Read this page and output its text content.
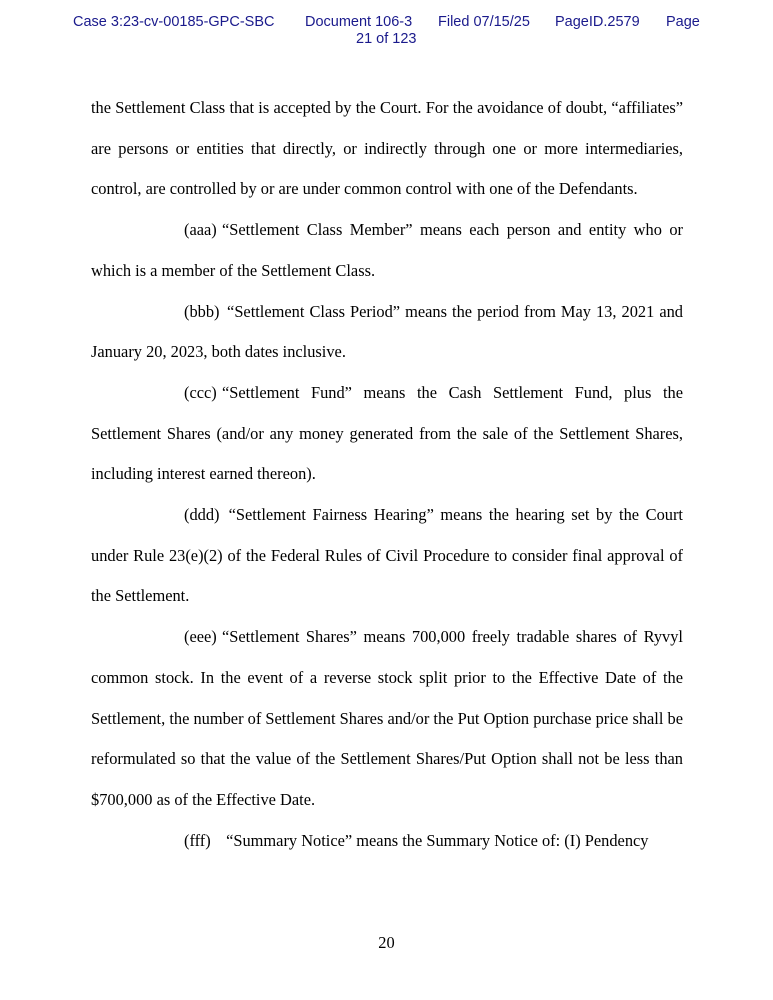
Case 3:23-cv-00185-GPC-SBC Document 106-3 Filed 07/15/25 PageID.2579 Page
21 of 123

the Settlement Class that is accepted by the Court. For the avoidance of doubt, “affiliates” are persons or entities that directly, or indirectly through one or more intermediaries, control, are controlled by or are under common control with one of the Defendants.

(aaa) “Settlement Class Member” means each person and entity who or which is a member of the Settlement Class.

(bbb) “Settlement Class Period” means the period from May 13, 2021 and January 20, 2023, both dates inclusive.

(ccc) “Settlement Fund” means the Cash Settlement Fund, plus the Settlement Shares (and/or any money generated from the sale of the Settlement Shares, including interest earned thereon).

(ddd) “Settlement Fairness Hearing” means the hearing set by the Court under Rule 23(e)(2) of the Federal Rules of Civil Procedure to consider final approval of the Settlement.

(eee) “Settlement Shares” means 700,000 freely tradable shares of Ryvyl common stock. In the event of a reverse stock split prior to the Effective Date of the Settlement, the number of Settlement Shares and/or the Put Option purchase price shall be reformulated so that the value of the Settlement Shares/Put Option shall not be less than $700,000 as of the Effective Date.

(fff) “Summary Notice” means the Summary Notice of: (I) Pendency

20
